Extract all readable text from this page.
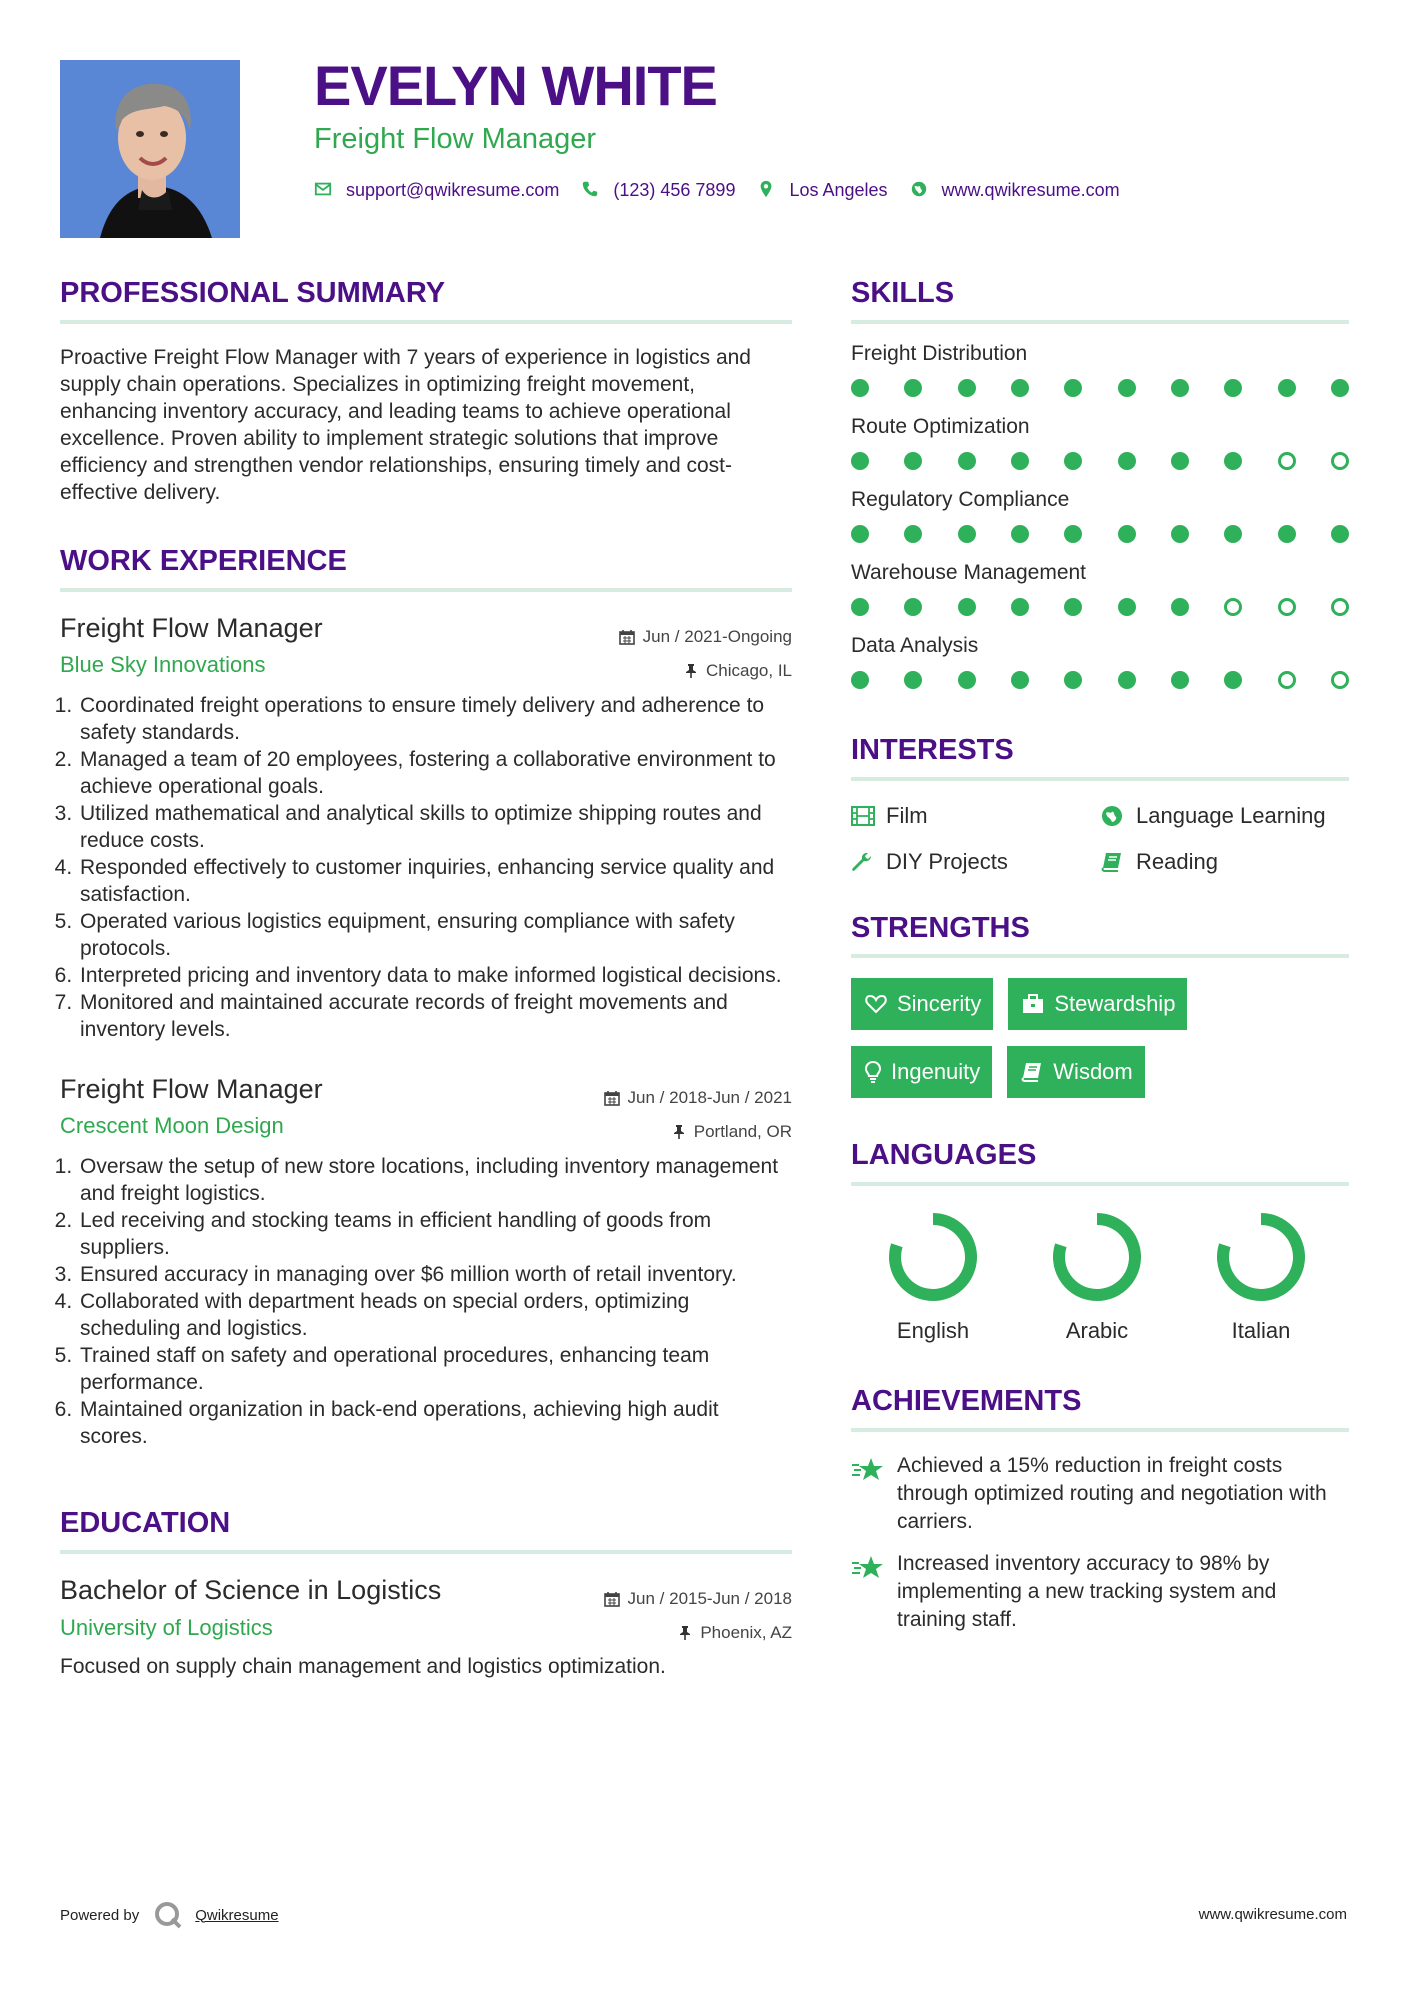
EVELYN WHITE
Freight Flow Manager
support@qwikresume.com	(123) 456 7899	Los Angeles	www.qwikresume.com
PROFESSIONAL SUMMARY
Proactive Freight Flow Manager with 7 years of experience in logistics and supply chain operations. Specializes in optimizing freight movement, enhancing inventory accuracy, and leading teams to achieve operational excellence. Proven ability to implement strategic solutions that improve efficiency and strengthen vendor relationships, ensuring timely and cost-effective delivery.
WORK EXPERIENCE
Freight Flow Manager
Blue Sky Innovations
Jun / 2021-Ongoing
Chicago, IL
1. Coordinated freight operations to ensure timely delivery and adherence to safety standards.
2. Managed a team of 20 employees, fostering a collaborative environment to achieve operational goals.
3. Utilized mathematical and analytical skills to optimize shipping routes and reduce costs.
4. Responded effectively to customer inquiries, enhancing service quality and satisfaction.
5. Operated various logistics equipment, ensuring compliance with safety protocols.
6. Interpreted pricing and inventory data to make informed logistical decisions.
7. Monitored and maintained accurate records of freight movements and inventory levels.
Freight Flow Manager
Crescent Moon Design
Jun / 2018-Jun / 2021
Portland, OR
1. Oversaw the setup of new store locations, including inventory management and freight logistics.
2. Led receiving and stocking teams in efficient handling of goods from suppliers.
3. Ensured accuracy in managing over $6 million worth of retail inventory.
4. Collaborated with department heads on special orders, optimizing scheduling and logistics.
5. Trained staff on safety and operational procedures, enhancing team performance.
6. Maintained organization in back-end operations, achieving high audit scores.
EDUCATION
Bachelor of Science in Logistics
University of Logistics
Jun / 2015-Jun / 2018
Phoenix, AZ
Focused on supply chain management and logistics optimization.
SKILLS
Freight Distribution
Route Optimization
Regulatory Compliance
Warehouse Management
Data Analysis
INTERESTS
Film	Language Learning
DIY Projects	Reading
STRENGTHS
Sincerity	Stewardship
Ingenuity	Wisdom
LANGUAGES
English	Arabic	Italian
ACHIEVEMENTS
Achieved a 15% reduction in freight costs through optimized routing and negotiation with carriers.
Increased inventory accuracy to 98% by implementing a new tracking system and training staff.
Powered by	Qwikresume	www.qwikresume.com
